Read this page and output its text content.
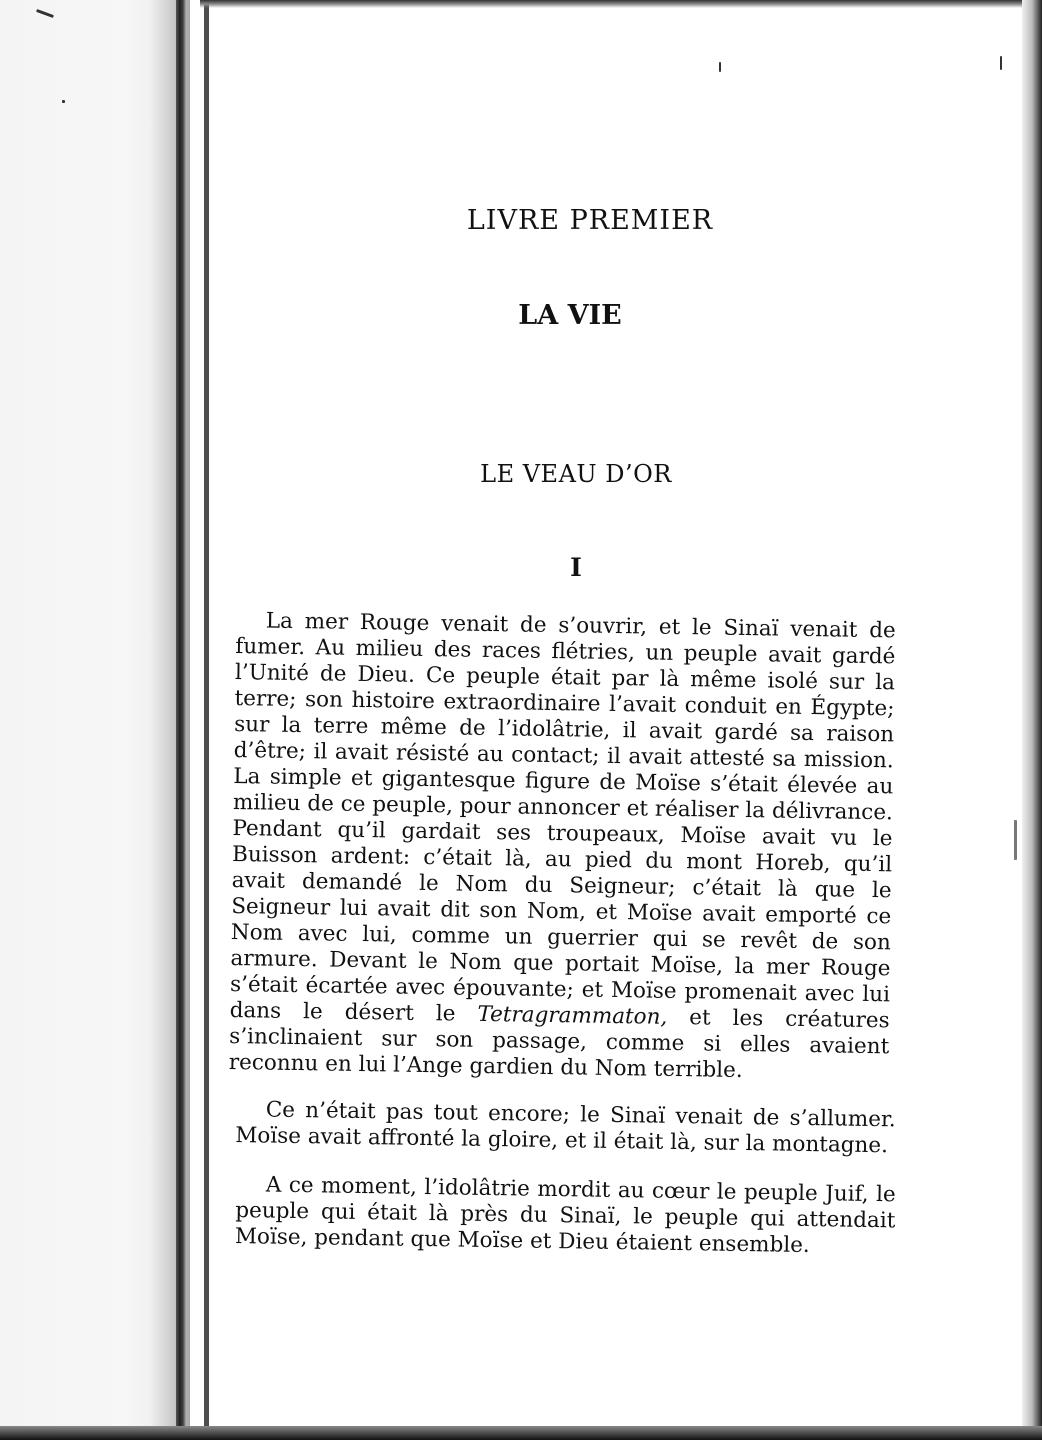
LIVRE PREMIER
LA VIE
LE VEAU D’OR
I

La mer Rouge venait de s’ouvrir, et le Sinaï venait de fumer. Au milieu des races flétries, un peuple avait gardé l’Unité de Dieu. Ce peuple était par là même isolé sur la terre; son histoire extraordinaire l’avait conduit en Égypte; sur la terre même de l’idolâtrie, il avait gardé sa raison d’être; il avait résisté au contact; il avait attesté sa mission. La simple et gigantesque figure de Moïse s’était élevée au milieu de ce peuple, pour annoncer et réaliser la délivrance. Pendant qu’il gardait ses troupeaux, Moïse avait vu le Buisson ardent: c’était là, au pied du mont Horeb, qu’il avait demandé le Nom du Seigneur; c’était là que le Seigneur lui avait dit son Nom, et Moïse avait emporté ce Nom avec lui, comme un guerrier qui se revêt de son armure. Devant le Nom que portait Moïse, la mer Rouge s’était écartée avec épouvante; et Moïse promenait avec lui dans le désert le Tetragrammaton, et les créatures s’inclinaient sur son passage, comme si elles avaient reconnu en lui l’Ange gardien du Nom terrible.

Ce n’était pas tout encore; le Sinaï venait de s’allumer. Moïse avait affronté la gloire, et il était là, sur la montagne.

A ce moment, l’idolâtrie mordit au cœur le peuple Juif, le peuple qui était là près du Sinaï, le peuple qui attendait Moïse, pendant que Moïse et Dieu étaient ensemble.
